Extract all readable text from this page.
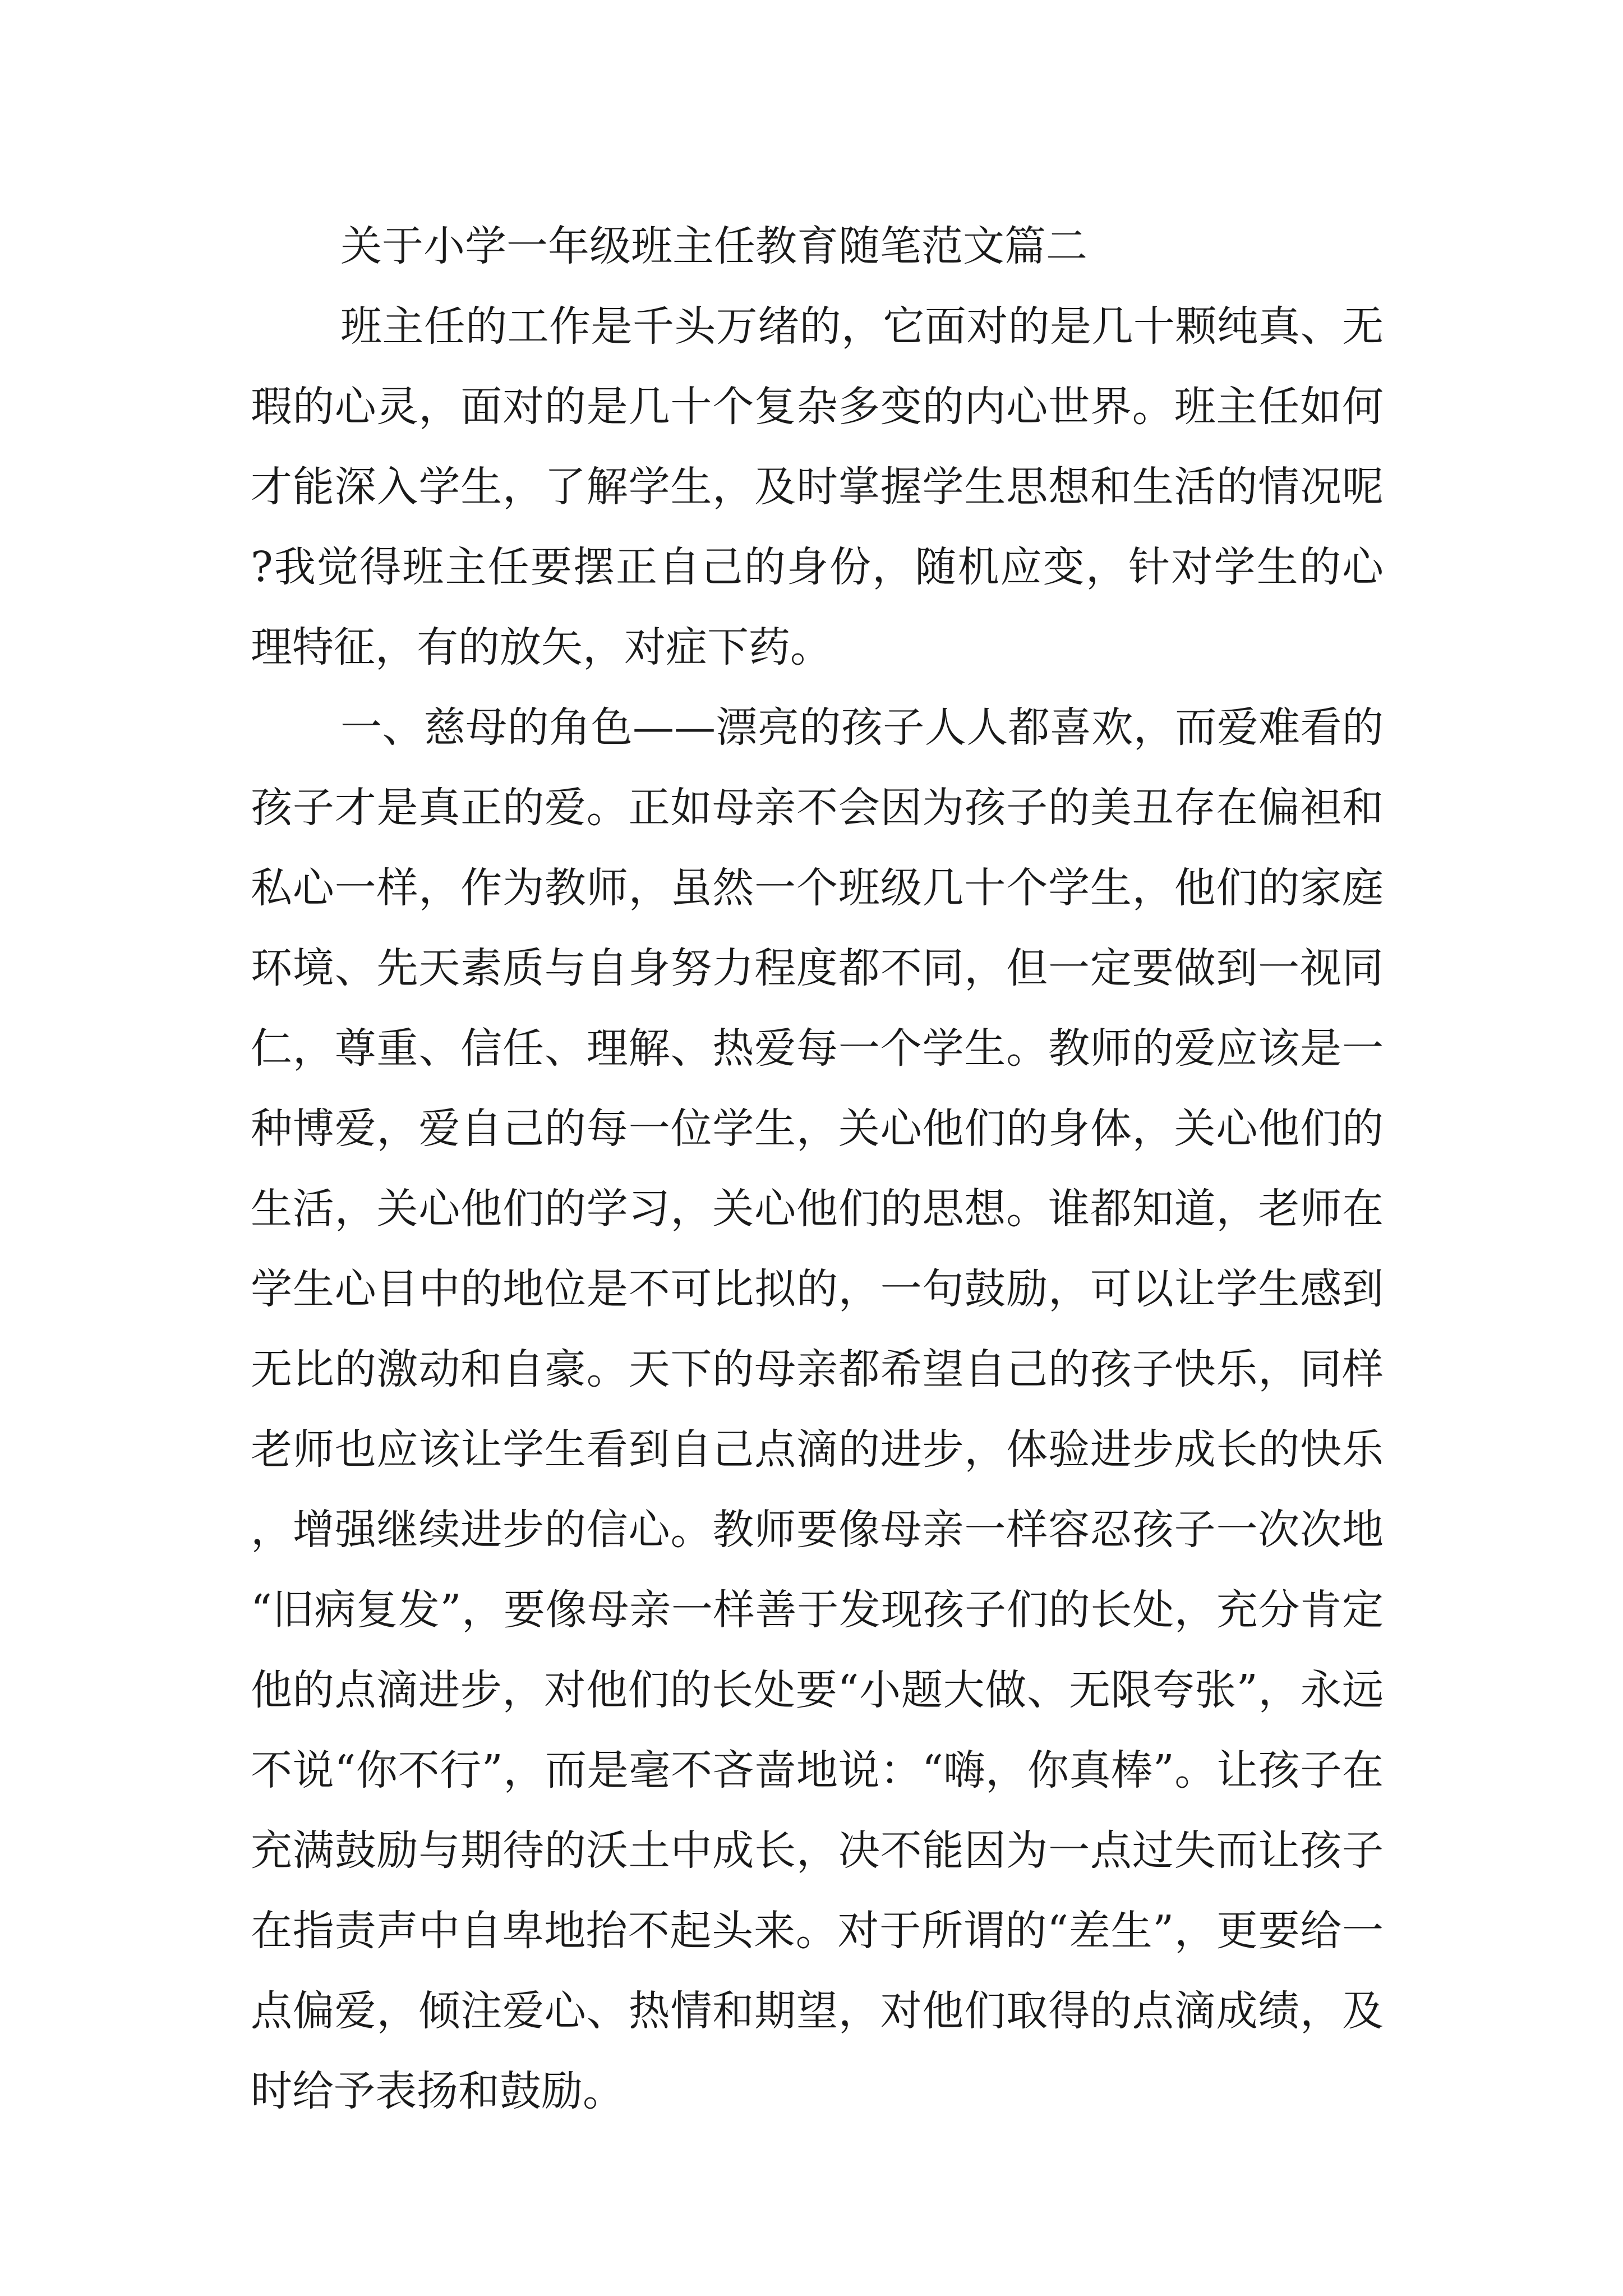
关于小学一年级班主任教育随笔范文篇二

班主任的工作是千头万绪的，它面对的是几十颗纯真、无瑕的心灵，面对的是几十个复杂多变的内心世界。班主任如何才能深入学生，了解学生，及时掌握学生思想和生活的情况呢?我觉得班主任要摆正自己的身份，随机应变，针对学生的心理特征，有的放矢，对症下药。

一、慈母的角色——漂亮的孩子人人都喜欢，而爱难看的孩子才是真正的爱。正如母亲不会因为孩子的美丑存在偏袒和私心一样，作为教师，虽然一个班级几十个学生，他们的家庭环境、先天素质与自身努力程度都不同，但一定要做到一视同仁，尊重、信任、理解、热爱每一个学生。教师的爱应该是一种博爱，爱自己的每一位学生，关心他们的身体，关心他们的生活，关心他们的学习，关心他们的思想。谁都知道，老师在学生心目中的地位是不可比拟的，一句鼓励，可以让学生感到无比的激动和自豪。天下的母亲都希望自己的孩子快乐，同样老师也应该让学生看到自己点滴的进步，体验进步成长的快乐，增强继续进步的信心。教师要像母亲一样容忍孩子一次次地“旧病复发”，要像母亲一样善于发现孩子们的长处，充分肯定他的点滴进步，对他们的长处要“小题大做、无限夸张”，永远不说“你不行”，而是毫不吝啬地说：“嗨，你真棒”。让孩子在充满鼓励与期待的沃土中成长，决不能因为一点过失而让孩子在指责声中自卑地抬不起头来。对于所谓的“差生”，更要给一点偏爱，倾注爱心、热情和期望，对他们取得的点滴成绩，及时给予表扬和鼓励。
